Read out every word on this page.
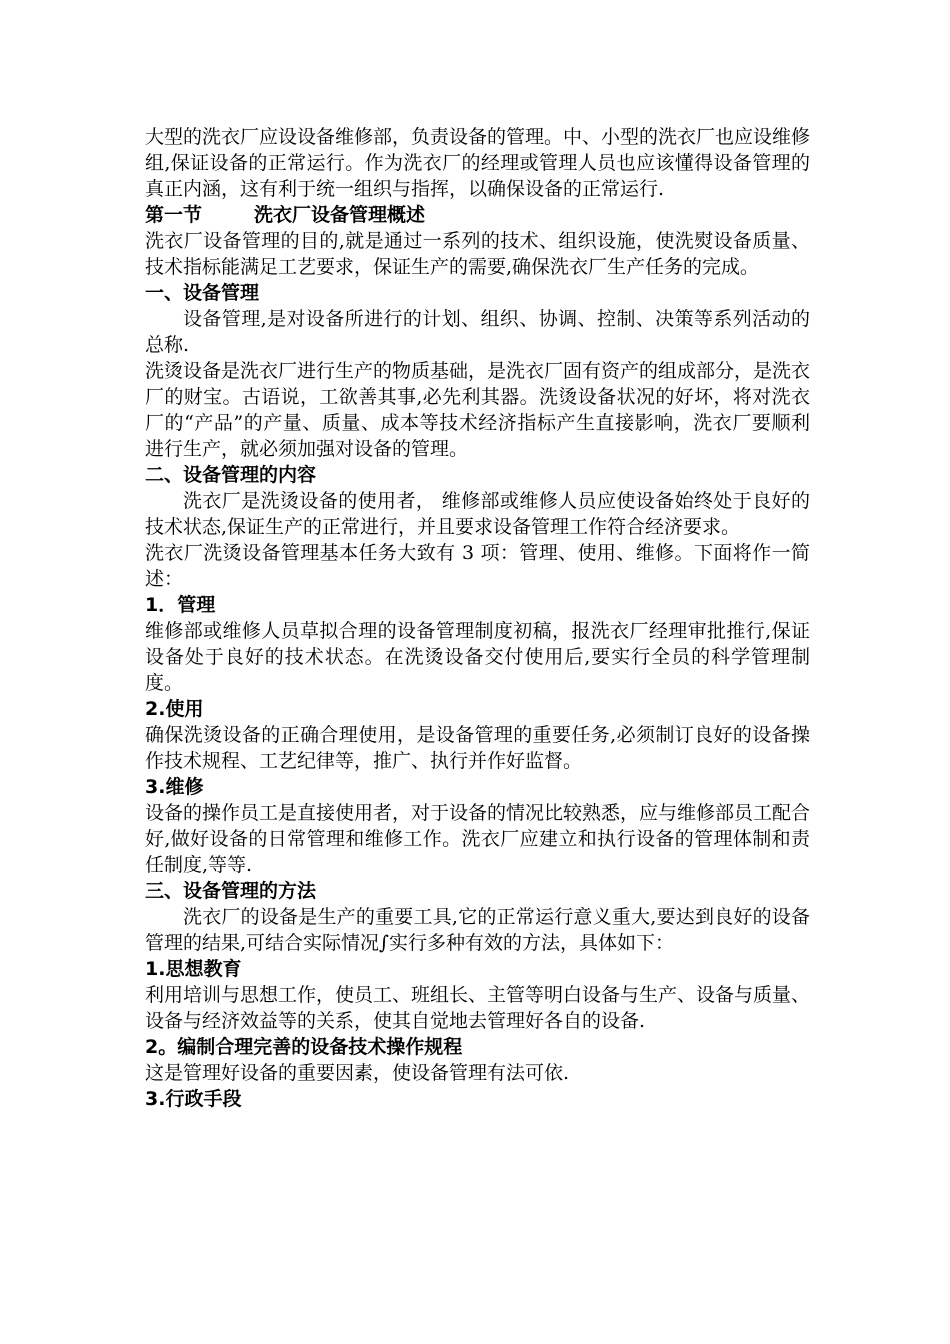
大型的洗衣厂应设设备维修部，负责设备的管理。中、小型的洗衣厂也应设维修组,保证设备的正常运行。作为洗衣厂的经理或管理人员也应该懂得设备管理的真正内涵，这有利于统一组织与指挥，以确保设备的正常运行.

第一节	洗衣厂设备管理概述

洗衣厂设备管理的目的,就是通过一系列的技术、组织设施，使洗熨设备质量、技术指标能满足工艺要求，保证生产的需要,确保洗衣厂生产任务的完成。

一、设备管理

设备管理,是对设备所进行的计划、组织、协调、控制、决策等系列活动的总称.

洗烫设备是洗衣厂进行生产的物质基础，是洗衣厂固有资产的组成部分，是洗衣厂的财宝。古语说，工欲善其事,必先利其器。洗烫设备状况的好坏，将对洗衣厂的“产品”的产量、质量、成本等技术经济指标产生直接影响，洗衣厂要顺利进行生产，就必须加强对设备的管理。

二、设备管理的内容

洗衣厂是洗烫设备的使用者， 维修部或维修人员应使设备始终处于良好的技术状态,保证生产的正常进行，并且要求设备管理工作符合经济要求。

洗衣厂洗烫设备管理基本任务大致有 3 项：管理、使用、维修。下面将作一简述：

1．管理

维修部或维修人员草拟合理的设备管理制度初稿，报洗衣厂经理审批推行,保证设备处于良好的技术状态。在洗烫设备交付使用后,要实行全员的科学管理制度。

2.使用

确保洗烫设备的正确合理使用，是设备管理的重要任务,必须制订良好的设备操作技术规程、工艺纪律等，推广、执行并作好监督。

3.维修

设备的操作员工是直接使用者，对于设备的情况比较熟悉，应与维修部员工配合好,做好设备的日常管理和维修工作。洗衣厂应建立和执行设备的管理体制和责任制度,等等.

三、设备管理的方法

洗衣厂的设备是生产的重要工具,它的正常运行意义重大,要达到良好的设备管理的结果,可结合实际情况∫实行多种有效的方法，具体如下：

1.思想教育

利用培训与思想工作，使员工、班组长、主管等明白设备与生产、设备与质量、设备与经济效益等的关系，使其自觉地去管理好各自的设备.

2。编制合理完善的设备技术操作规程

这是管理好设备的重要因素，使设备管理有法可依.

3.行政手段
